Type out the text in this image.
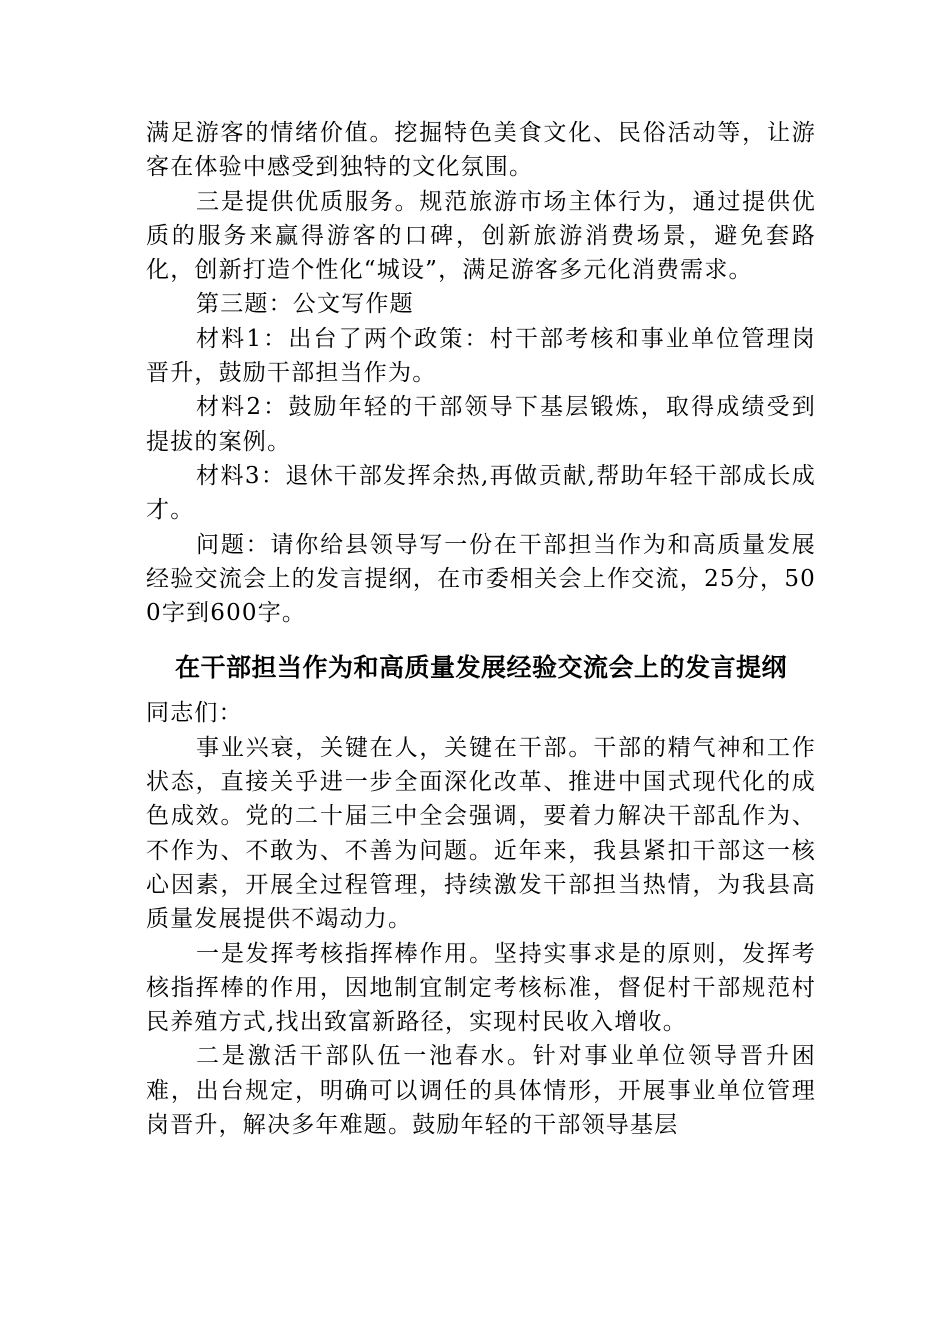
满足游客的情绪价值。挖掘特色美食文化、民俗活动等，让游客在体验中感受到独特的文化氛围。

三是提供优质服务。规范旅游市场主体行为，通过提供优质的服务来赢得游客的口碑，创新旅游消费场景，避免套路化，创新打造个性化“城设”，满足游客多元化消费需求。

第三题：公文写作题

材料1：出台了两个政策：村干部考核和事业单位管理岗晋升，鼓励干部担当作为。

材料2：鼓励年轻的干部领导下基层锻炼，取得成绩受到提拔的案例。

材料3：退休干部发挥余热,再做贡献,帮助年轻干部成长成才。

问题：请你给县领导写一份在干部担当作为和高质量发展经验交流会上的发言提纲，在市委相关会上作交流，25分，500字到600字。

在干部担当作为和高质量发展经验交流会上的发言提纲

同志们：

事业兴衰，关键在人，关键在干部。干部的精气神和工作状态，直接关乎进一步全面深化改革、推进中国式现代化的成色成效。党的二十届三中全会强调，要着力解决干部乱作为、不作为、不敢为、不善为问题。近年来，我县紧扣干部这一核心因素，开展全过程管理，持续激发干部担当热情，为我县高质量发展提供不竭动力。

一是发挥考核指挥棒作用。坚持实事求是的原则，发挥考核指挥棒的作用，因地制宜制定考核标准，督促村干部规范村民养殖方式,找出致富新路径，实现村民收入增收。

二是激活干部队伍一池春水。针对事业单位领导晋升困难，出台规定，明确可以调任的具体情形，开展事业单位管理岗晋升，解决多年难题。鼓励年轻的干部领导基层
